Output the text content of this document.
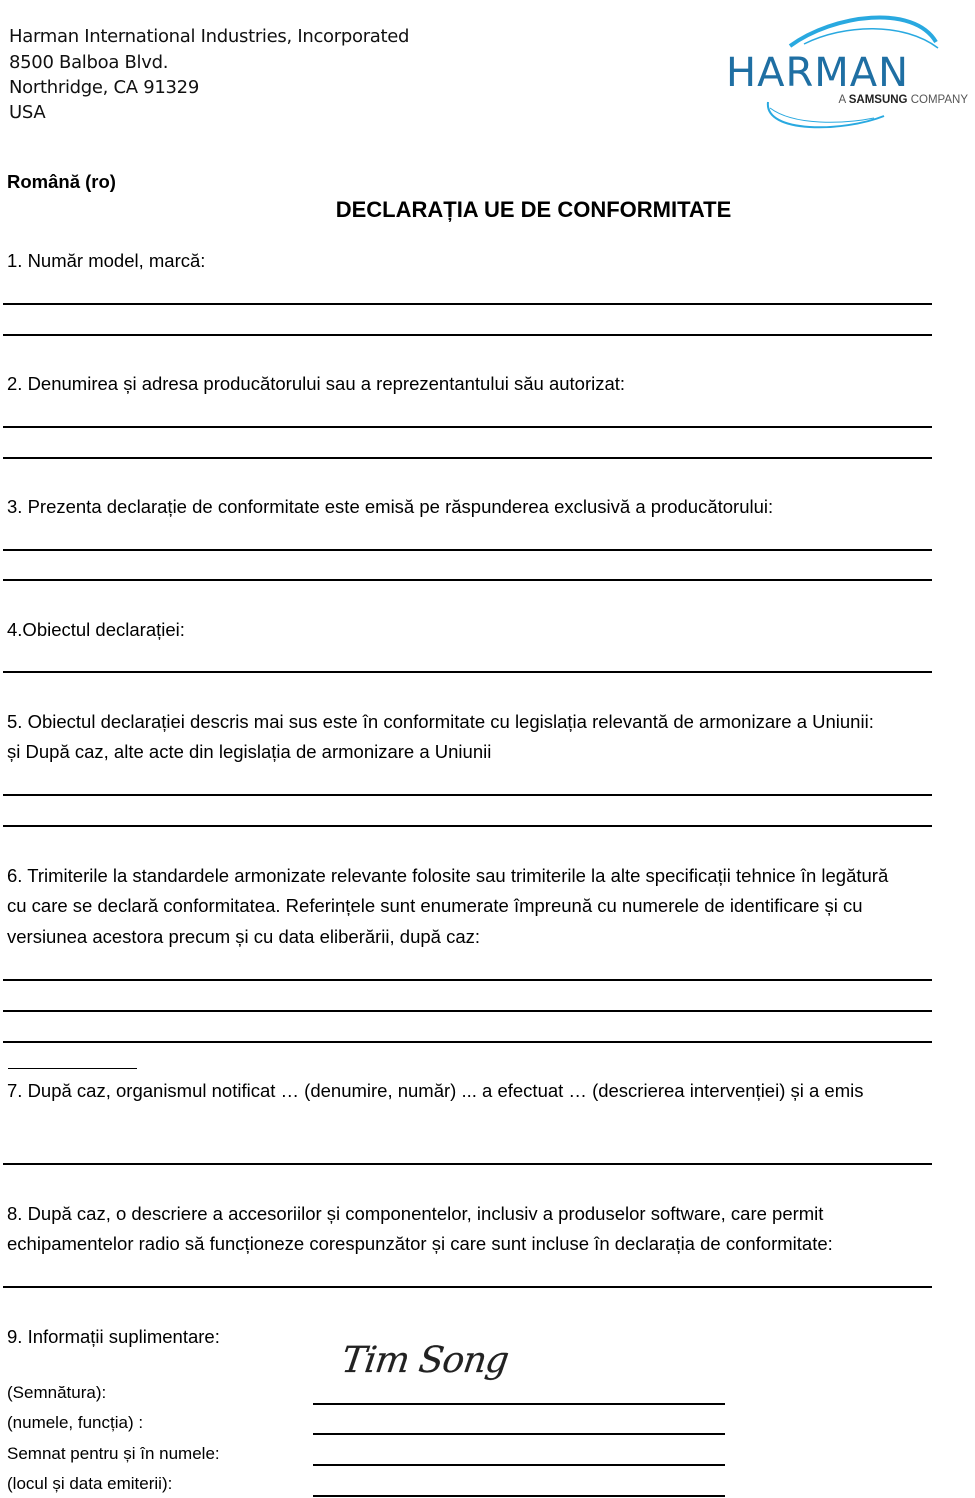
Harman International Industries, Incorporated
8500 Balboa Blvd.
Northridge, CA 91329
USA
HARMAN
A SAMSUNG COMPANY
Română (ro)
DECLARAȚIA UE DE CONFORMITATE
1. Număr model, marcă:
2. Denumirea și adresa producătorului sau a reprezentantului său autorizat:
3. Prezenta declarație de conformitate este emisă pe răspunderea exclusivă a producătorului:
4.Obiectul declarației:
5. Obiectul declarației descris mai sus este în conformitate cu legislația relevantă de armonizare a Uniunii:
și După caz, alte acte din legislația de armonizare a Uniunii
6. Trimiterile la standardele armonizate relevante folosite sau trimiterile la alte specificații tehnice în legătură
cu care se declară conformitatea. Referințele sunt enumerate împreună cu numerele de identificare și cu
versiunea acestora precum și cu data eliberării, după caz:
7. După caz, organismul notificat … (denumire, număr) ... a efectuat … (descrierea intervenției) și a emis
8. După caz, o descriere a accesoriilor și componentelor, inclusiv a produselor software, care permit
echipamentelor radio să funcționeze corespunzător și care sunt incluse în declarația de conformitate:
9. Informații suplimentare:
Tim Song
(Semnătura):
(numele, funcția) :
Semnat pentru și în numele:
(locul și data emiterii):
